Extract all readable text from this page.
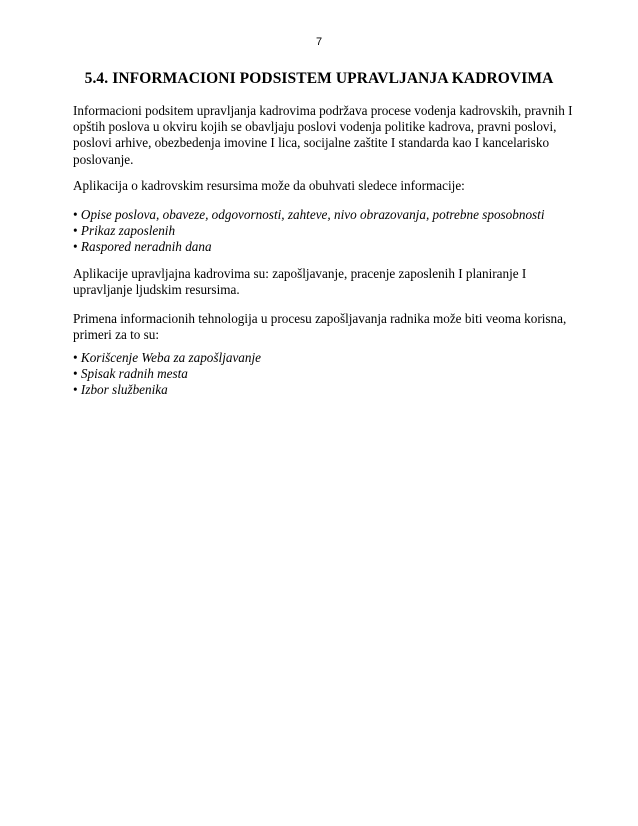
7
5.4. INFORMACIONI PODSISTEM UPRAVLJANJA KADROVIMA

Informacioni podsitem upravljanja kadrovima podržava procese vodenja kadrovskih, pravnih I
opštih poslova u okviru kojih se obavljaju poslovi vodenja politike kadrova, pravni poslovi,
poslovi arhive, obezbedenja imovine I lica, socijalne zaštite I standarda kao I kancelarisko
poslovanje.

Aplikacija o kadrovskim resursima može da obuhvati sledece informacije:

• Opise poslova, obaveze, odgovornosti, zahteve, nivo obrazovanja, potrebne sposobnosti
• Prikaz zaposlenih
• Raspored neradnih dana

Aplikacije upravljajna kadrovima su: zapošljavanje, pracenje zaposlenih I planiranje I
upravljanje ljudskim resursima.

Primena informacionih tehnologija u procesu zapošljavanja radnika može biti veoma korisna,
primeri za to su:

• Korišcenje Weba za zapošljavanje
• Spisak radnih mesta
• Izbor službenika
